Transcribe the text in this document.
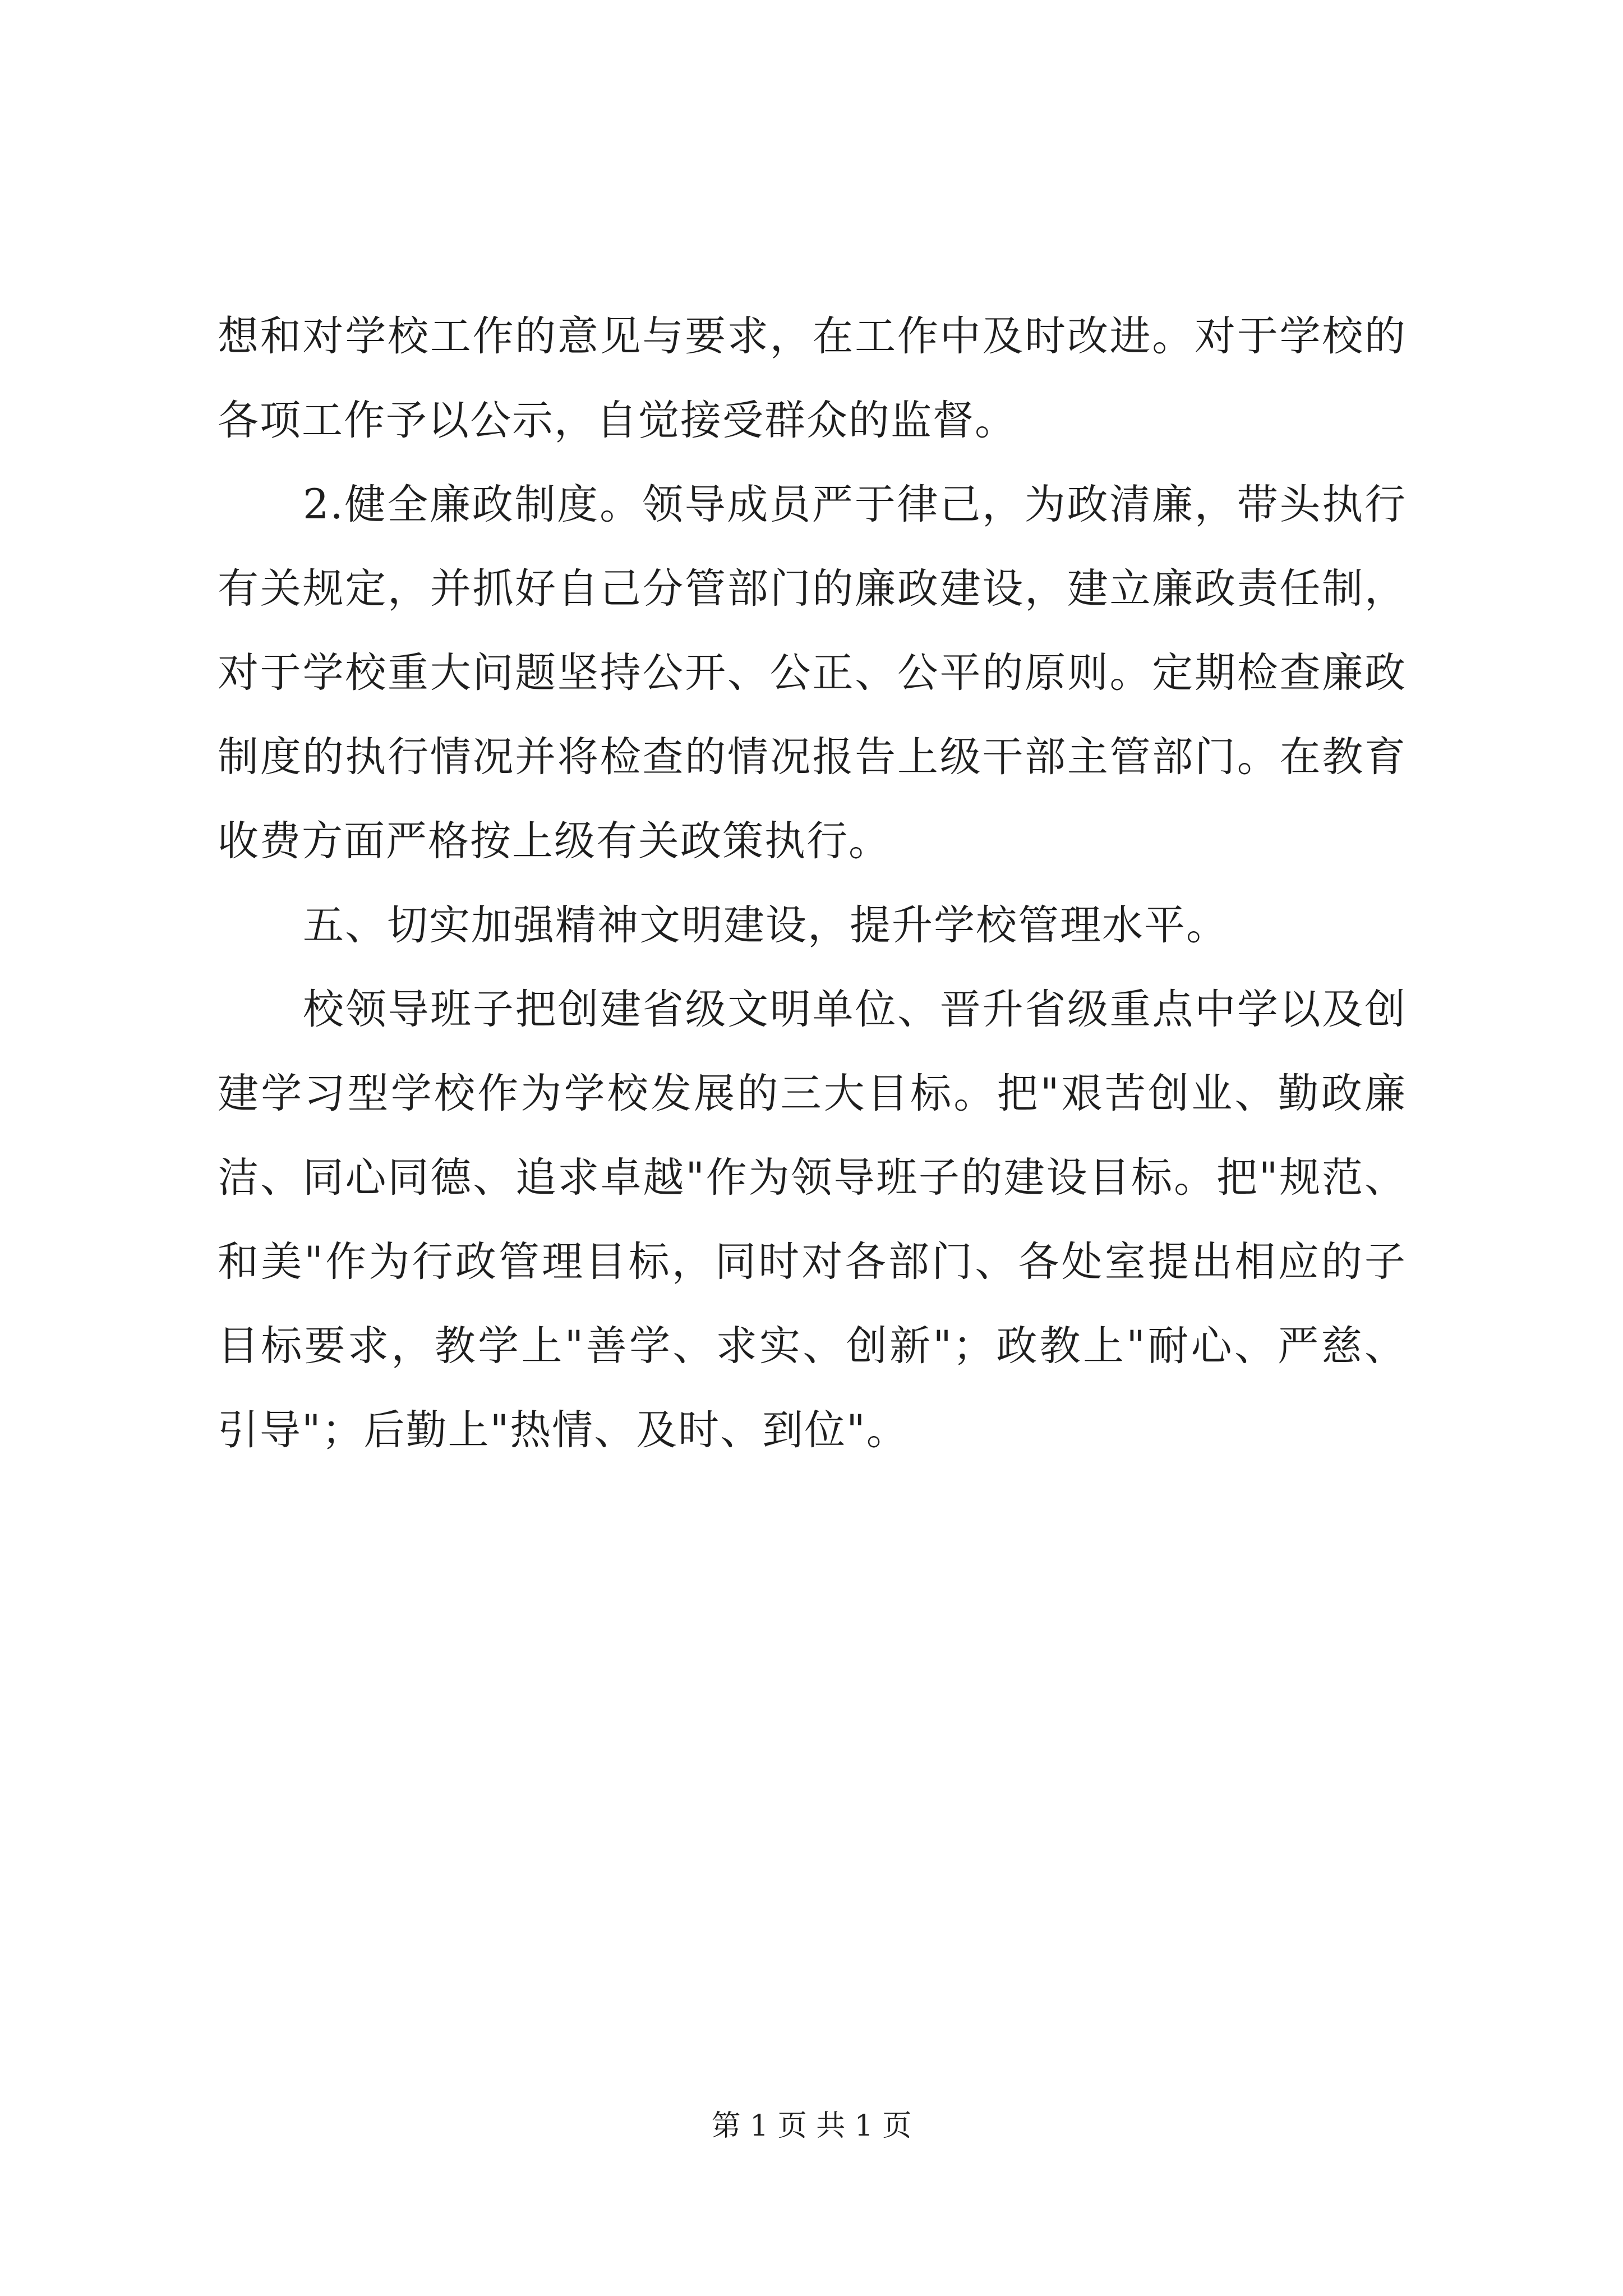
想和对学校工作的意见与要求，在工作中及时改进。对于学校的各项工作予以公示，自觉接受群众的监督。

2.健全廉政制度。领导成员严于律己，为政清廉，带头执行有关规定，并抓好自己分管部门的廉政建设，建立廉政责任制，对于学校重大问题坚持公开、公正、公平的原则。定期检查廉政制度的执行情况并将检查的情况报告上级干部主管部门。在教育收费方面严格按上级有关政策执行。

五、切实加强精神文明建设，提升学校管理水平。

校领导班子把创建省级文明单位、晋升省级重点中学以及创建学习型学校作为学校发展的三大目标。把"艰苦创业、勤政廉洁、同心同德、追求卓越"作为领导班子的建设目标。把"规范、和美"作为行政管理目标，同时对各部门、各处室提出相应的子目标要求，教学上"善学、求实、创新"；政教上"耐心、严慈、引导"；后勤上"热情、及时、到位"。

第 1 页 共 1 页
